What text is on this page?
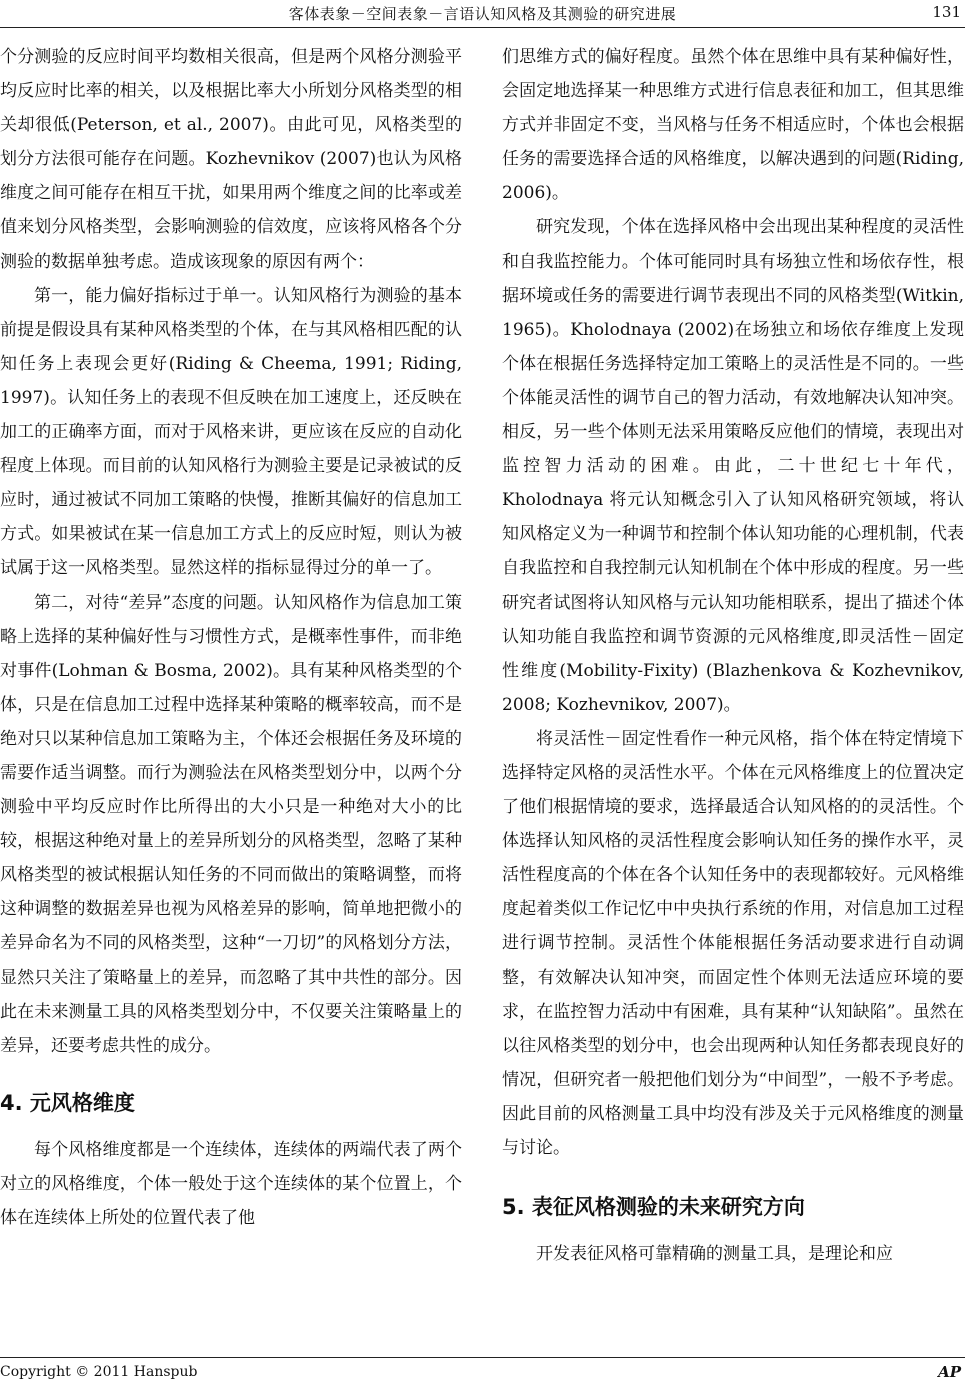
客体表象－空间表象－言语认知风格及其测验的研究进展	131

个分测验的反应时间平均数相关很高，但是两个风格分测验平均反应时比率的相关，以及根据比率大小所划分风格类型的相关却很低(Peterson, et al., 2007)。由此可见，风格类型的划分方法很可能存在问题。Kozhevnikov (2007)也认为风格维度之间可能存在相互干扰，如果用两个维度之间的比率或差值来划分风格类型，会影响测验的信效度，应该将风格各个分测验的数据单独考虑。造成该现象的原因有两个：

第一，能力偏好指标过于单一。认知风格行为测验的基本前提是假设具有某种风格类型的个体，在与其风格相匹配的认知任务上表现会更好(Riding & Cheema, 1991; Riding, 1997)。认知任务上的表现不但反映在加工速度上，还反映在加工的正确率方面，而对于风格来讲，更应该在反应的自动化程度上体现。而目前的认知风格行为测验主要是记录被试的反应时，通过被试不同加工策略的快慢，推断其偏好的信息加工方式。如果被试在某一信息加工方式上的反应时短，则认为被试属于这一风格类型。显然这样的指标显得过分的单一了。

第二，对待“差异”态度的问题。认知风格作为信息加工策略上选择的某种偏好性与习惯性方式，是概率性事件，而非绝对事件(Lohman & Bosma, 2002)。具有某种风格类型的个体，只是在信息加工过程中选择某种策略的概率较高，而不是绝对只以某种信息加工策略为主，个体还会根据任务及环境的需要作适当调整。而行为测验法在风格类型划分中，以两个分测验中平均反应时作比所得出的大小只是一种绝对大小的比较，根据这种绝对量上的差异所划分的风格类型，忽略了某种风格类型的被试根据认知任务的不同而做出的策略调整，而将这种调整的数据差异也视为风格差异的影响，简单地把微小的差异命名为不同的风格类型，这种“一刀切”的风格划分方法，显然只关注了策略量上的差异，而忽略了其中共性的部分。因此在未来测量工具的风格类型划分中，不仅要关注策略量上的差异，还要考虑共性的成分。

4. 元风格维度

每个风格维度都是一个连续体，连续体的两端代表了两个对立的风格维度，个体一般处于这个连续体的某个位置上，个体在连续体上所处的位置代表了他

们思维方式的偏好程度。虽然个体在思维中具有某种偏好性，会固定地选择某一种思维方式进行信息表征和加工，但其思维方式并非固定不变，当风格与任务不相适应时，个体也会根据任务的需要选择合适的风格维度，以解决遇到的问题(Riding, 2006)。

研究发现，个体在选择风格中会出现出某种程度的灵活性和自我监控能力。个体可能同时具有场独立性和场依存性，根据环境或任务的需要进行调节表现出不同的风格类型(Witkin, 1965)。Kholodnaya (2002)在场独立和场依存维度上发现个体在根据任务选择特定加工策略上的灵活性是不同的。一些个体能灵活性的调节自己的智力活动，有效地解决认知冲突。相反，另一些个体则无法采用策略反应他们的情境，表现出对监控智力活动的困难。由此，二十世纪七十年代，Kholodnaya 将元认知概念引入了认知风格研究领域，将认知风格定义为一种调节和控制个体认知功能的心理机制，代表自我监控和自我控制元认知机制在个体中形成的程度。另一些研究者试图将认知风格与元认知功能相联系，提出了描述个体认知功能自我监控和调节资源的元风格维度,即灵活性－固定性维度(Mobility-Fixity) (Blazhenkova & Kozhevnikov, 2008; Kozhevnikov, 2007)。

将灵活性－固定性看作一种元风格，指个体在特定情境下选择特定风格的灵活性水平。个体在元风格维度上的位置决定了他们根据情境的要求，选择最适合认知风格的的灵活性。个体选择认知风格的灵活性程度会影响认知任务的操作水平，灵活性程度高的个体在各个认知任务中的表现都较好。元风格维度起着类似工作记忆中中央执行系统的作用，对信息加工过程进行调节控制。灵活性个体能根据任务活动要求进行自动调整，有效解决认知冲突，而固定性个体则无法适应环境的要求，在监控智力活动中有困难，具有某种“认知缺陷”。虽然在以往风格类型的划分中，也会出现两种认知任务都表现良好的情况，但研究者一般把他们划分为“中间型”，一般不予考虑。因此目前的风格测量工具中均没有涉及关于元风格维度的测量与讨论。

5. 表征风格测验的未来研究方向

开发表征风格可靠精确的测量工具，是理论和应

Copyright © 2011 Hanspub	AP
